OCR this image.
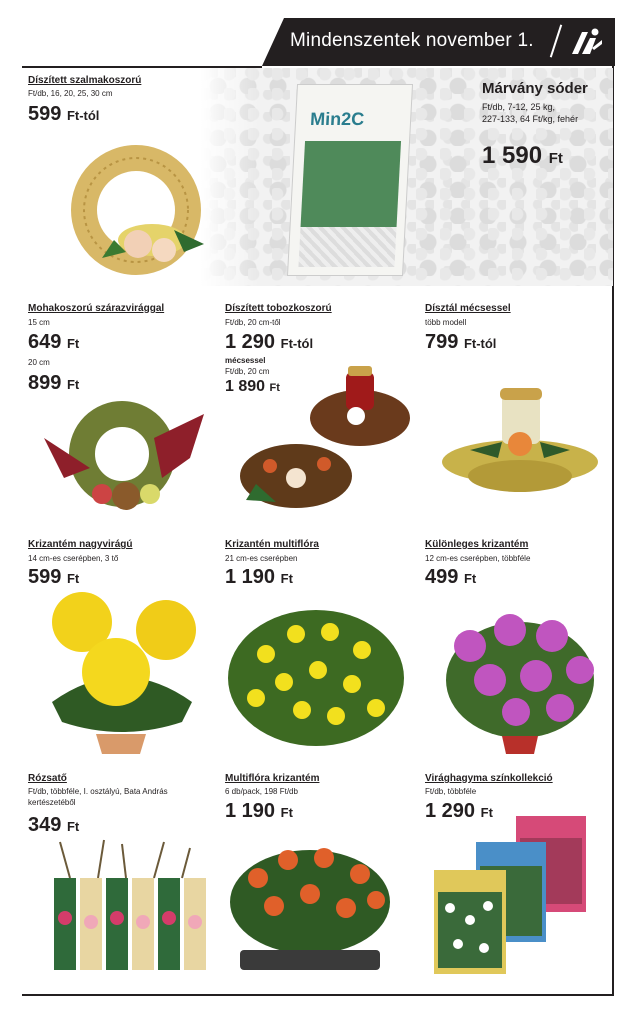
Mindenszentek november 1.
Min2C
Márvány sóder
Ft/db, 7-12, 25 kg,
227-133, 64 Ft/kg, fehér
1 590 Ft
Díszített szalmakoszorú
Ft/db, 16, 20, 25, 30 cm
599 Ft-tól
Mohakoszorú szárazvirággal
15 cm
649 Ft
20 cm
899 Ft
Díszített tobozkoszorú
Ft/db, 20 cm-től
1 290 Ft-tól
mécsessel
Ft/db, 20 cm
1 890 Ft
Dísztál mécsessel
több modell
799 Ft-tól
Krizantém nagyvirágú
14 cm-es cserépben, 3 tő
599 Ft
Krizantén multiflóra
21 cm-es cserépben
1 190 Ft
Különleges krizantém
12 cm-es cserépben, többféle
499 Ft
Rózsatő
Ft/db, többféle, I. osztályú, Bata András
kertészetéből
349 Ft
Multiflóra krizantém
6 db/pack, 198 Ft/db
1 190 Ft
Virághagyma színkollekció
Ft/db, többféle
1 290 Ft
